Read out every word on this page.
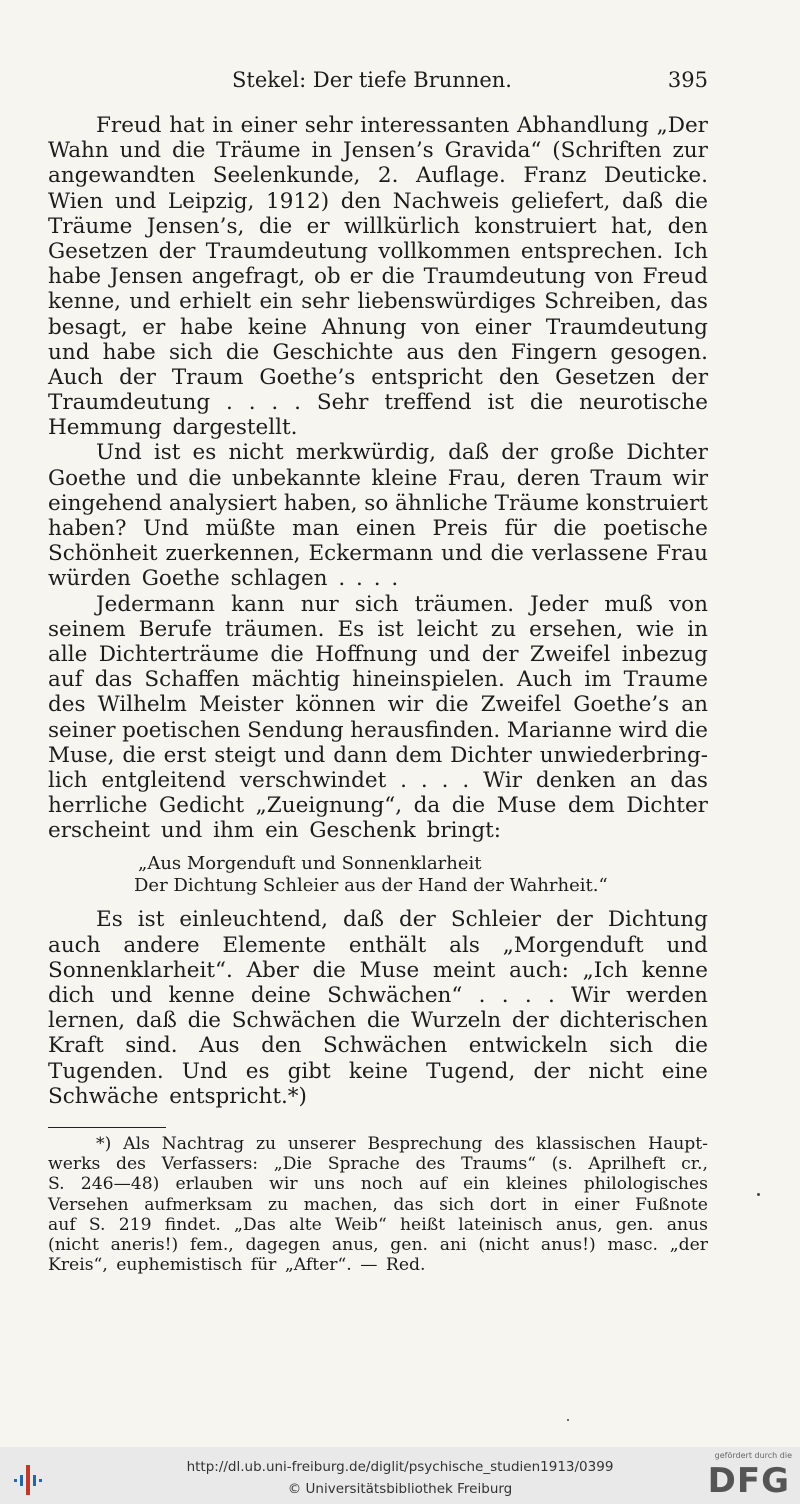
Stekel: Der tiefe Brunnen.	395
Freud hat in einer sehr interessanten Abhandlung „Der
Wahn und die Träume in Jensen’s Gravida“ (Schriften zur
angewandten Seelenkunde, 2. Auflage. Franz Deuticke.
Wien und Leipzig, 1912) den Nachweis geliefert, daß die
Träume Jensen’s, die er willkürlich konstruiert hat, den
Gesetzen der Traumdeutung vollkommen entsprechen. Ich
habe Jensen angefragt, ob er die Traumdeutung von Freud
kenne, und erhielt ein sehr liebenswürdiges Schreiben, das
besagt, er habe keine Ahnung von einer Traumdeutung
und habe sich die Geschichte aus den Fingern gesogen.
Auch der Traum Goethe’s entspricht den Gesetzen der
Traumdeutung . . . . Sehr treffend ist die neurotische
Hemmung dargestellt.
Und ist es nicht merkwürdig, daß der große Dichter
Goethe und die unbekannte kleine Frau, deren Traum wir
eingehend analysiert haben, so ähnliche Träume konstruiert
haben? Und müßte man einen Preis für die poetische
Schönheit zuerkennen, Eckermann und die verlassene Frau
würden Goethe schlagen . . . .
Jedermann kann nur sich träumen. Jeder muß von
seinem Berufe träumen. Es ist leicht zu ersehen, wie in
alle Dichterträume die Hoffnung und der Zweifel inbezug
auf das Schaffen mächtig hineinspielen. Auch im Traume
des Wilhelm Meister können wir die Zweifel Goethe’s an
seiner poetischen Sendung herausfinden. Marianne wird die
Muse, die erst steigt und dann dem Dichter unwiederbring-
lich entgleitend verschwindet . . . . Wir denken an das
herrliche Gedicht „Zueignung“, da die Muse dem Dichter
erscheint und ihm ein Geschenk bringt:
„Aus Morgenduft und Sonnenklarheit
Der Dichtung Schleier aus der Hand der Wahrheit.“
Es ist einleuchtend, daß der Schleier der Dichtung
auch andere Elemente enthält als „Morgenduft und
Sonnenklarheit“. Aber die Muse meint auch: „Ich kenne
dich und kenne deine Schwächen“ . . . . Wir werden
lernen, daß die Schwächen die Wurzeln der dichterischen
Kraft sind. Aus den Schwächen entwickeln sich die
Tugenden. Und es gibt keine Tugend, der nicht eine
Schwäche entspricht.*)
*) Als Nachtrag zu unserer Besprechung des klassischen Haupt-
werks des Verfassers: „Die Sprache des Traums“ (s. Aprilheft cr.,
S. 246—48) erlauben wir uns noch auf ein kleines philologisches
Versehen aufmerksam zu machen, das sich dort in einer Fußnote
auf S. 219 findet. „Das alte Weib“ heißt lateinisch anus, gen. anus
(nicht aneris!) fem., dagegen anus, gen. ani (nicht anus!) masc. „der
Kreis“, euphemistisch für „After“. — Red.
http://dl.ub.uni-freiburg.de/diglit/psychische_studien1913/0399
© Universitätsbibliothek Freiburg
gefördert durch die
DFG
